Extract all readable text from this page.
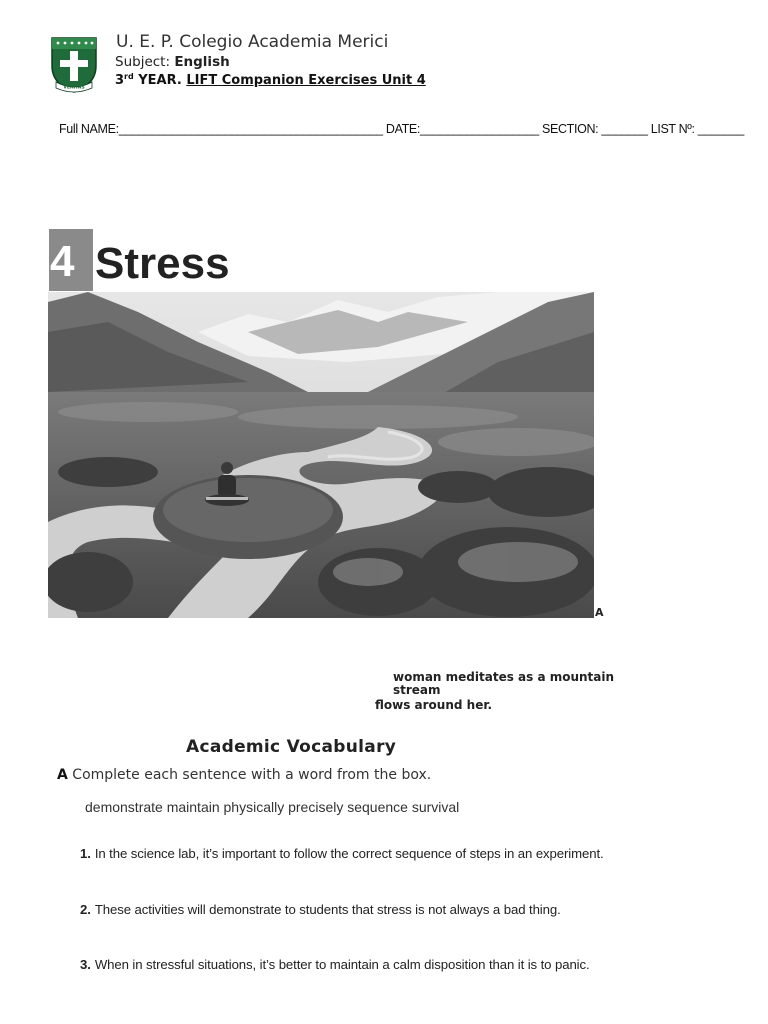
VERITAS
U. E. P. Colegio Academia Merici
Subject: English
3rd YEAR. LIFT Companion Exercises Unit 4
Full NAME:________________________________________ DATE:__________________ SECTION: _______ LIST Nº: _______
4 Stress
A
woman meditates as a mountain
stream
flows around her.
Academic Vocabulary
A Complete each sentence with a word from the box.
demonstrate maintain physically precisely sequence survival
1. In the science lab, it’s important to follow the correct sequence of steps in an experiment.
2. These activities will demonstrate to students that stress is not always a bad thing.
3. When in stressful situations, it’s better to maintain a calm disposition than it is to panic.
